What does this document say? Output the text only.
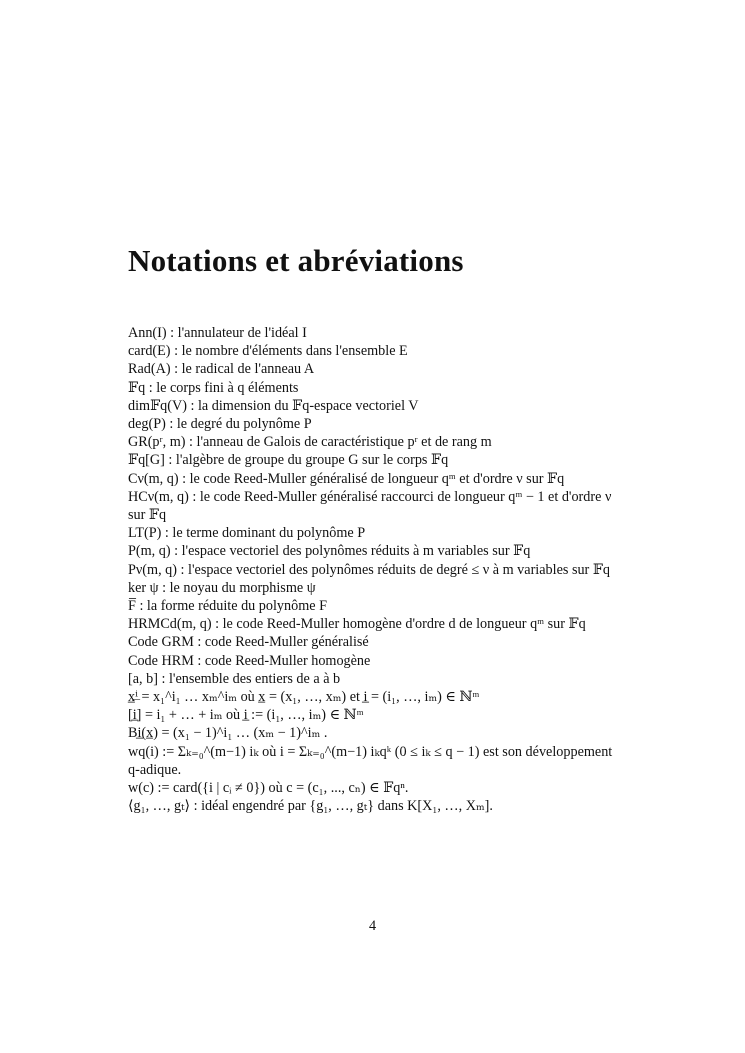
Notations et abréviations
Ann(I) : l'annulateur de l'idéal I
card(E) : le nombre d'éléments dans l'ensemble E
Rad(A) : le radical de l'anneau A
𝔽q : le corps fini à q éléments
dim𝔽q(V) : la dimension du 𝔽q-espace vectoriel V
deg(P) : le degré du polynôme P
GR(pʳ, m) : l'anneau de Galois de caractéristique pʳ et de rang m
𝔽q[G] : l'algèbre de groupe du groupe G sur le corps 𝔽q
Cν(m, q) : le code Reed-Muller généralisé de longueur qᵐ et d'ordre ν sur 𝔽q
HCν(m, q) : le code Reed-Muller généralisé raccourci de longueur qᵐ − 1 et d'ordre ν sur 𝔽q
LT(P) : le terme dominant du polynôme P
P(m, q) : l'espace vectoriel des polynômes réduits à m variables sur 𝔽q
Pν(m, q) : l'espace vectoriel des polynômes réduits de degré ≤ ν à m variables sur 𝔽q
ker ψ : le noyau du morphisme ψ
F̅ : la forme réduite du polynôme F
HRMCd(m, q) : le code Reed-Muller homogène d'ordre d de longueur qᵐ sur 𝔽q
Code GRM : code Reed-Muller généralisé
Code HRM : code Reed-Muller homogène
[a, b] : l'ensemble des entiers de a à b
x̲ⁱ̲ = x₁^i₁ … xₘ^iₘ où x̲ = (x₁, …, xₘ) et i̲ = (i₁, …, iₘ) ∈ ℕᵐ
[i̲] = i₁ + … + iₘ où i̲ := (i₁, …, iₘ) ∈ ℕᵐ
Bi̲(x̲) = (x₁ − 1)^i₁ … (xₘ − 1)^iₘ .
wq(i) := Σₖ₌₀^(m−1) iₖ où i = Σₖ₌₀^(m−1) iₖqᵏ (0 ≤ iₖ ≤ q − 1) est son développement q-adique.
w(c) := card({i | cᵢ ≠ 0}) où c = (c₁, ..., cₙ) ∈ 𝔽qⁿ.
⟨g₁, …, gₜ⟩ : idéal engendré par {g₁, …, gₜ} dans K[X₁, …, Xₘ].
4
